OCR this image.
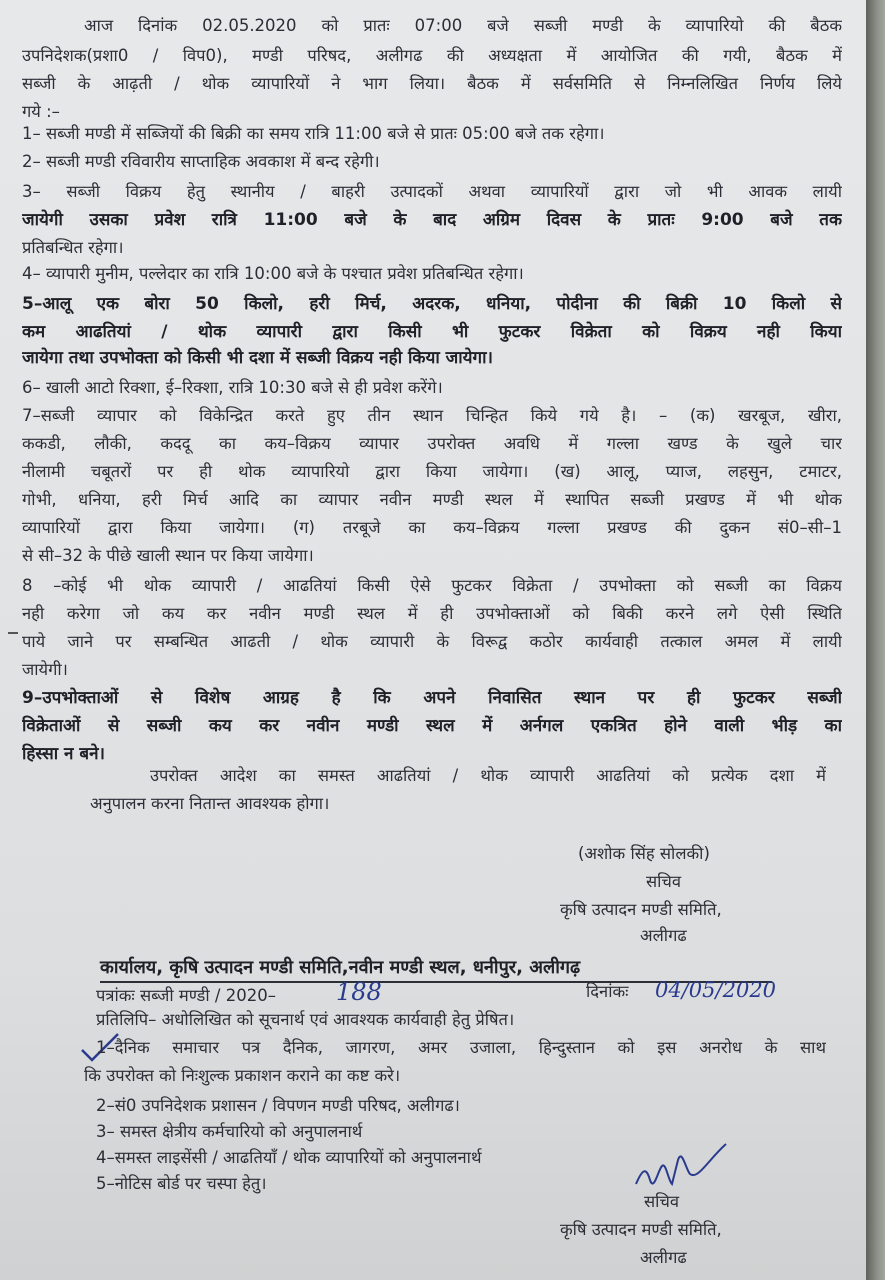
आज दिनांक 02.05.2020 को प्रातः 07:00 बजे सब्जी मण्डी के व्यापारियो की बैठक
उपनिदेशक(प्रशा0 / विप0), मण्डी परिषद, अलीगढ की अध्यक्षता में आयोजित की गयी, बैठक में
सब्जी के आढ़ती / थोक व्यापारियों ने भाग लिया। बैठक में सर्वसमिति से निम्नलिखित निर्णय लिये
गये :–
1– सब्जी मण्डी में सब्जियों की बिक्री का समय रात्रि 11:00 बजे से प्रातः 05:00 बजे तक रहेगा।
2– सब्जी मण्डी रविवारीय साप्ताहिक अवकाश में बन्द रहेगी।
3– सब्जी विक्रय हेतु स्थानीय / बाहरी उत्पादकों अथवा व्यापारियों द्वारा जो भी आवक लायी
जायेगी उसका प्रवेश रात्रि 11:00 बजे के बाद अग्रिम दिवस के प्रातः 9:00 बजे तक
प्रतिबन्धित रहेगा।
4– व्यापारी मुनीम, पल्लेदार का रात्रि 10:00 बजे के पश्चात प्रवेश प्रतिबन्धित रहेगा।
5–आलू एक बोरा 50 किलो, हरी मिर्च, अदरक, धनिया, पोदीना की बिक्री 10 किलो से
कम आढतियां / थोक व्यापारी द्वारा किसी भी फुटकर विक्रेता को विक्रय नही किया
जायेगा तथा उपभोक्ता को किसी भी दशा में सब्जी विक्रय नही किया जायेगा।
6– खाली आटो रिक्शा, ई–रिक्शा, रात्रि 10:30 बजे से ही प्रवेश करेंगे।
7–सब्जी व्यापार को विकेन्द्रित करते हुए तीन स्थान चिन्हित किये गये है। – (क) खरबूज, खीरा,
ककडी, लौकी, कददू का कय–विक्रय व्यापार उपरोक्त अवधि में गल्ला खण्ड के खुले चार
नीलामी चबूतरों पर ही थोक व्यापारियो द्वारा किया जायेगा। (ख) आलू, प्याज, लहसुन, टमाटर,
गोभी, धनिया, हरी मिर्च आदि का व्यापार नवीन मण्डी स्थल में स्थापित सब्जी प्रखण्ड में भी थोक
व्यापारियों द्वारा किया जायेगा। (ग) तरबूजे का कय–विक्रय गल्ला प्रखण्ड की दुकन सं0–सी–1
से सी–32 के पीछे खाली स्थान पर किया जायेगा।
8 –कोई भी थोक व्यापारी / आढतियां किसी ऐसे फुटकर विक्रेता / उपभोक्ता को सब्जी का विक्रय
नही करेगा जो कय कर नवीन मण्डी स्थल में ही उपभोक्ताओं को बिकी करने लगे ऐसी स्थिति
पाये जाने पर सम्बन्धित आढती / थोक व्यापारी के विरूद्व कठोर कार्यवाही तत्काल अमल में लायी
जायेगी।
9–उपभोक्ताओं से विशेष आग्रह है कि अपने निवासित स्थान पर ही फुटकर सब्जी
विक्रेताओं से सब्जी कय कर नवीन मण्डी स्थल में अर्नगल एकत्रित होने वाली भीड़ का
हिस्सा न बने।
उपरोक्त आदेश का समस्त आढतियां / थोक व्यापारी आढतियां को प्रत्येक दशा में
अनुपालन करना नितान्त आवश्यक होगा।
(अशोक सिंह सोलकी)
सचिव
कृषि उत्पादन मण्डी समिति,
अलीगढ
कार्यालय, कृषि उत्पादन मण्डी समिति,नवीन मण्डी स्थल, धनीपुर, अलीगढ़
पत्रांकः सब्जी मण्डी / 2020–	188	दिनांकः 04/05/2020
प्रतिलिपि– अधोलिखित को सूचनार्थ एवं आवश्यक कार्यवाही हेतु प्रेषित।
1–दैनिक समाचार पत्र दैनिक, जागरण, अमर उजाला, हिन्दुस्तान को इस अनरोध के साथ
कि उपरोक्त को निःशुल्क प्रकाशन कराने का कष्ट करे।
2–सं0 उपनिदेशक प्रशासन / विपणन मण्डी परिषद, अलीगढ।
3– समस्त क्षेत्रीय कर्मचारियो को अनुपालनार्थ
4–समस्त लाइसेंसी / आढतियाँ / थोक व्यापारियों को अनुपालनार्थ
5–नोटिस बोर्ड पर चस्पा हेतु।
सचिव
कृषि उत्पादन मण्डी समिति,
अलीगढ
